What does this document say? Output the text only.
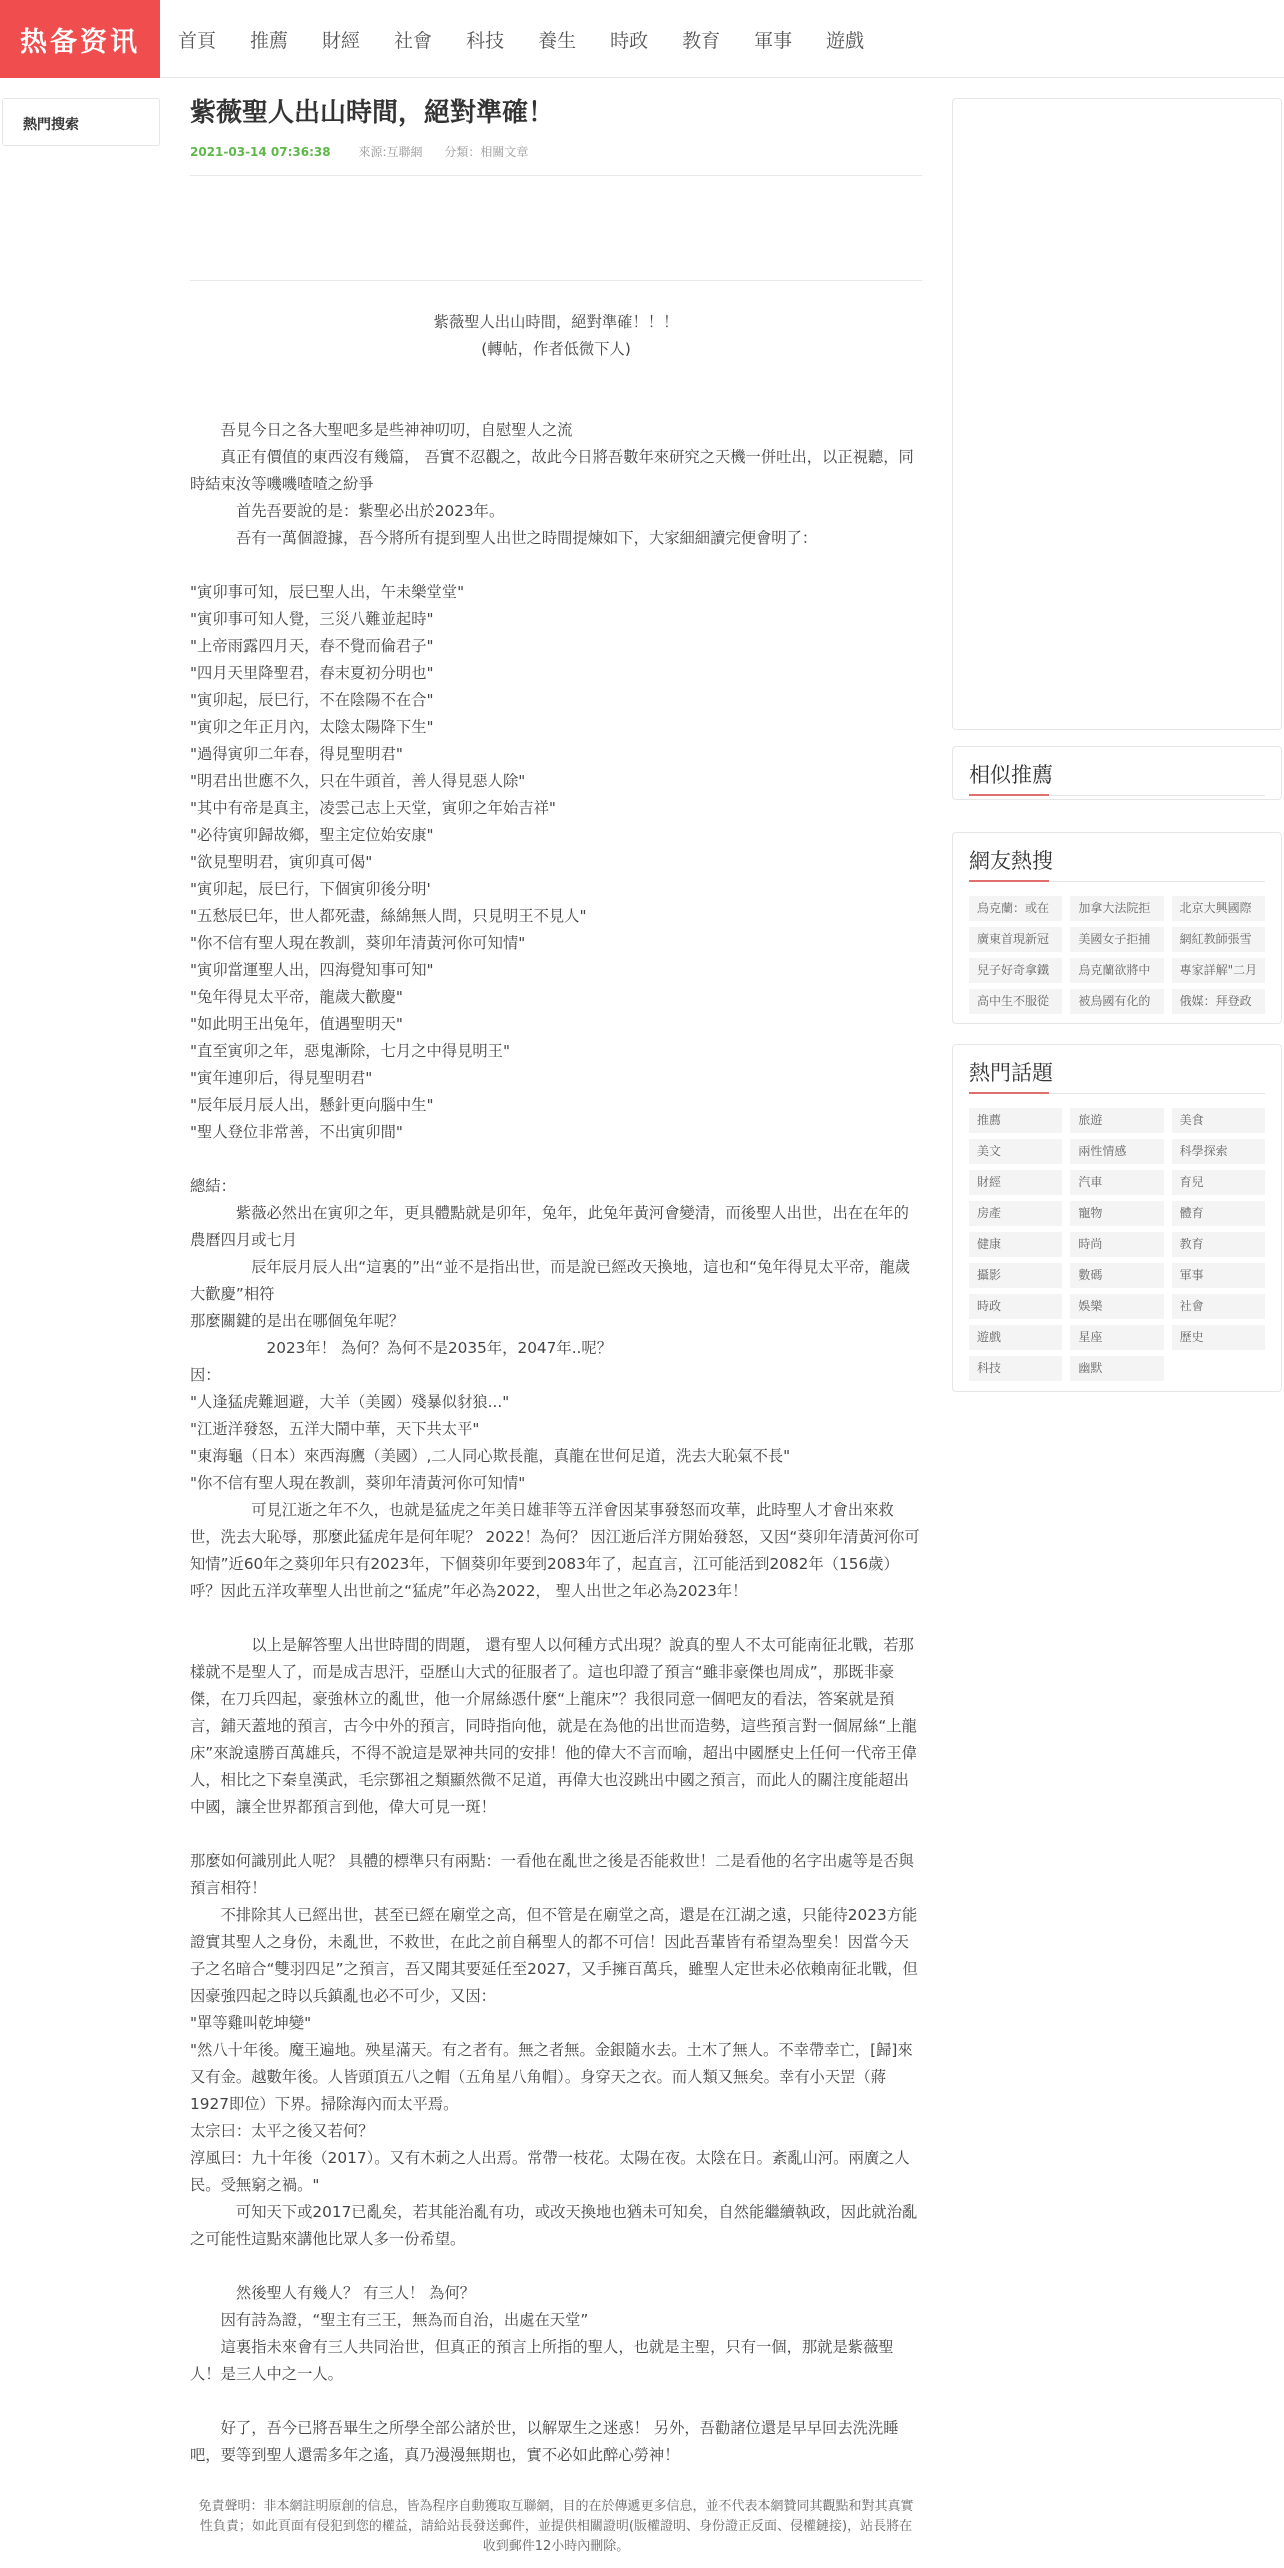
热备资讯	首頁 推薦 財經 社會 科技 養生 時政 教育 軍事 遊戲
熱門搜索	紫薇聖人出山時間，絕對準確！
2021-03-14 07:36:38 來源:互聯網 分類：相關文章

紫薇聖人出山時間，絕對準確！！！

(轉帖，作者低微下人)

　　吾見今日之各大聖吧多是些神神叨叨，自慰聖人之流

　　真正有價值的東西沒有幾篇， 吾實不忍觀之，故此今日將吾數年來研究之天機一併吐出，以正視聽，同時結束汝等嘰嘰喳喳之紛爭

　　　首先吾要說的是：紫聖必出於2023年。

　　　吾有一萬個證據，吾今將所有提到聖人出世之時間提煉如下，大家細細讀完便會明了：

"寅卯事可知，辰巳聖人出，午未樂堂堂"

"寅卯事可知人覺，三災八難並起時"

"上帝雨露四月天，春不覺而倫君子"

"四月天里降聖君，春末夏初分明也"

"寅卯起，辰巳行，不在陰陽不在合"

"寅卯之年正月內，太陰太陽降下生"

"過得寅卯二年春，得見聖明君"

"明君出世應不久，只在牛頭首，善人得見惡人除"

"其中有帝是真主，凌雲己志上天堂，寅卯之年始吉祥"

"必待寅卯歸故鄉，聖主定位始安康"

"欲見聖明君，寅卯真可偈"

"寅卯起，辰巳行，下個寅卯後分明'

"五愁辰巳年，世人都死盡，絲綿無人問，只見明王不見人"

"你不信有聖人現在教訓，葵卯年清黃河你可知情"

"寅卯當運聖人出，四海覺知事可知"

"兔年得見太平帝，龍歲大歡慶"

"如此明王出兔年，值遇聖明天"

"直至寅卯之年，惡鬼漸除，七月之中得見明王"

"寅年連卯后，得見聖明君"

"辰年辰月辰人出，懸針更向腦中生"

"聖人登位非常善，不出寅卯間"

總結：

　　　紫薇必然出在寅卯之年，更具體點就是卯年，兔年，此兔年黃河會變清，而後聖人出世，出在在年的農曆四月或七月

　　　　辰年辰月辰人出“這裏的”出“並不是指出世，而是說已經改天換地，這也和“兔年得見太平帝，龍歲大歡慶”相符

那麼關鍵的是出在哪個兔年呢？

　　　　　2023年！ 為何？為何不是2035年，2047年..呢？

因：

"人逢猛虎難迴避，大羊（美國）殘暴似豺狼..."

"江逝洋發怒，五洋大鬧中華，天下共太平"

"東海龜（日本）來西海鷹（美國）,二人同心欺長龍，真龍在世何足道，洗去大恥氣不長"

"你不信有聖人現在教訓，葵卯年清黃河你可知情"

　　　　可見江逝之年不久，也就是猛虎之年美日雄菲等五洋會因某事發怒而攻華，此時聖人才會出來救世，洗去大恥辱，那麼此猛虎年是何年呢？ 2022！為何？ 因江逝后洋方開始發怒，又因“葵卯年清黃河你可知情”近60年之葵卯年只有2023年，下個葵卯年要到2083年了，起直言，江可能活到2082年（156歲）呼？因此五洋攻華聖人出世前之“猛虎”年必為2022， 聖人出世之年必為2023年！

　　　　以上是解答聖人出世時間的問題， 還有聖人以何種方式出現？說真的聖人不太可能南征北戰，若那樣就不是聖人了，而是成吉思汗，亞歷山大式的征服者了。這也印證了預言“雖非豪傑也周成”，那既非豪傑，在刀兵四起，豪強林立的亂世，他一介屌絲憑什麼“上龍床”？我很同意一個吧友的看法，答案就是預言，鋪天蓋地的預言，古今中外的預言，同時指向他，就是在為他的出世而造勢，這些預言對一個屌絲“上龍床”來說遠勝百萬雄兵，不得不說這是眾神共同的安排！他的偉大不言而喻，超出中國歷史上任何一代帝王偉人，相比之下秦皇漢武，毛宗鄧祖之類顯然微不足道，再偉大也沒跳出中國之預言，而此人的關注度能超出中國，讓全世界都預言到他，偉大可見一斑！

那麼如何識別此人呢？ 具體的標準只有兩點：一看他在亂世之後是否能救世！二是看他的名字出處等是否與預言相符！

　　不排除其人已經出世，甚至已經在廟堂之高，但不管是在廟堂之高，還是在江湖之遠，只能待2023方能證實其聖人之身份，未亂世，不救世，在此之前自稱聖人的都不可信！因此吾輩皆有希望為聖矣！因當今天子之名暗合“雙羽四足”之預言，吾又聞其要延任至2027，又手擁百萬兵，雖聖人定世未必依賴南征北戰，但因豪強四起之時以兵鎮亂也必不可少，又因：

"單等雞叫乾坤變"

"然八十年後。魔王遍地。殃星滿天。有之者有。無之者無。金銀隨水去。土木了無人。不幸帶幸亡，[歸]來又有金。越數年後。人皆頭頂五八之帽（五角星八角帽）。身穿天之衣。而人類又無矣。幸有小天罡（蔣1927即位）下界。掃除海內而太平焉。

太宗曰：太平之後又若何？

淳風曰：九十年後（2017）。又有木莿之人出焉。常帶一枝花。太陽在夜。太陰在日。紊亂山河。兩廣之人民。受無窮之禍。"

　　　可知天下或2017已亂矣，若其能治亂有功，或改天換地也猶未可知矣，自然能繼續執政，因此就治亂之可能性這點來講他比眾人多一份希望。

　　　然後聖人有幾人？ 有三人！ 為何？

　　因有詩為證，“聖主有三王，無為而自治，出處在天堂”

　　這裏指未來會有三人共同治世，但真正的預言上所指的聖人，也就是主聖，只有一個，那就是紫薇聖人！是三人中之一人。

　　好了，吾今已將吾畢生之所學全部公諸於世，以解眾生之迷惑！ 另外，吾勸諸位還是早早回去洗洗睡吧，要等到聖人還需多年之遙，真乃漫漫無期也，實不必如此醉心勞神！

免責聲明：非本網註明原創的信息，皆為程序自動獲取互聯網，目的在於傳遞更多信息，並不代表本網贊同其觀點和對其真實性負責；如此頁面有侵犯到您的權益，請給站長發送郵件，並提供相關證明(版權證明、身份證正反面、侵權鏈接)，站長將在收到郵件12小時內刪除。
相似推薦
網友熱搜
烏克蘭：或在	加拿大法院拒	北京大興國際
廣東首現新冠	美國女子拒捕	網紅教師張雪
兒子好奇拿鐵	烏克蘭欲將中	專家詳解"二月
高中生不服從	被烏國有化的	俄媒：拜登政
熱門話題
推薦	旅遊	美食
美文	兩性情感	科學探索
財經	汽車	育兒
房產	寵物	體育
健康	時尚	教育
攝影	數碼	軍事
時政	娛樂	社會
遊戲	星座	歷史
科技	幽默
